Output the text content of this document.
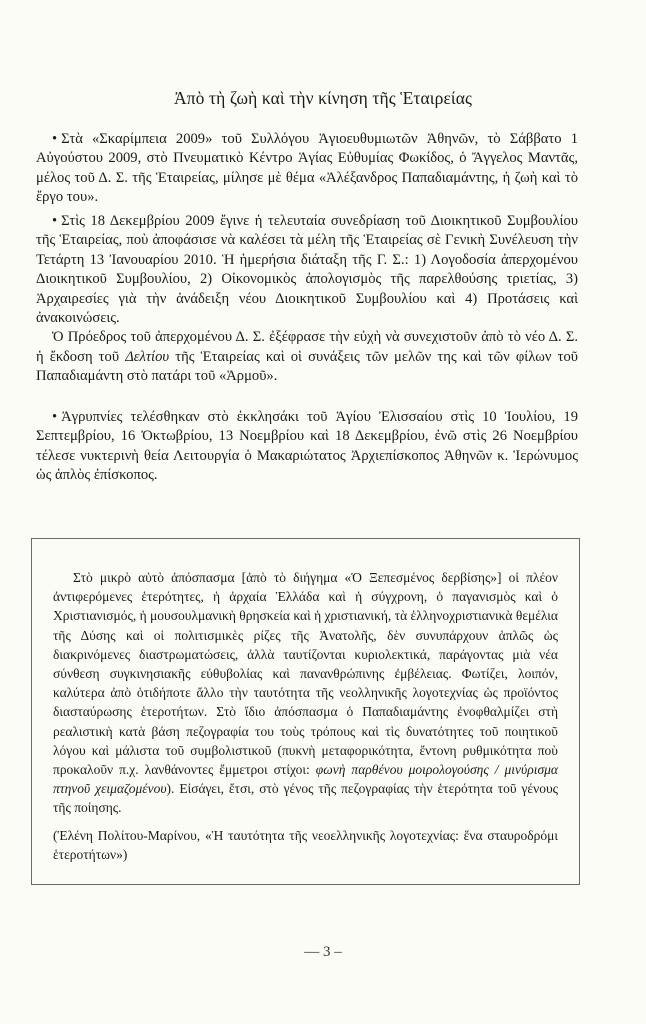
Ἀπὸ τὴ ζωὴ καὶ τὴν κίνηση τῆς Ἑταιρείας

• Στὰ «Σκαρίμπεια 2009» τοῦ Συλλόγου Ἁγιοευθυμιωτῶν Ἀθηνῶν, τὸ Σάββατο 1 Αὐγούστου 2009, στὸ Πνευματικὸ Κέντρο Ἁγίας Εὐθυμίας Φωκίδος, ὁ Ἄγγελος Μαντᾶς, μέλος τοῦ Δ. Σ. τῆς Ἑταιρείας, μίλησε μὲ θέμα «Ἀλέξανδρος Παπαδιαμάντης, ἡ ζωὴ καὶ τὸ ἔργο του».

• Στὶς 18 Δεκεμβρίου 2009 ἔγινε ἡ τελευταία συνεδρίαση τοῦ Διοικητικοῦ Συμβουλίου τῆς Ἑταιρείας, ποὺ ἀποφάσισε νὰ καλέσει τὰ μέλη τῆς Ἑταιρείας σὲ Γενικὴ Συνέλευση τὴν Τετάρτη 13 Ἰανουαρίου 2010. Ἡ ἡμερήσια διάταξη τῆς Γ. Σ.: 1) Λογοδοσία ἀπερχομένου Διοικητικοῦ Συμβουλίου, 2) Οἰκονομικὸς ἀπολογισμὸς τῆς παρελθούσης τριετίας, 3) Ἀρχαιρεσίες γιὰ τὴν ἀνάδειξη νέου Διοικητικοῦ Συμβουλίου καὶ 4) Προτάσεις καὶ ἀνακοινώσεις.

Ὁ Πρόεδρος τοῦ ἀπερχομένου Δ. Σ. ἐξέφρασε τὴν εὐχὴ νὰ συνεχιστοῦν ἀπὸ τὸ νέο Δ. Σ. ἡ ἔκδοση τοῦ Δελτίου τῆς Ἑταιρείας καὶ οἱ συνάξεις τῶν μελῶν της καὶ τῶν φίλων τοῦ Παπαδιαμάντη στὸ πατάρι τοῦ «Ἁρμοῦ».

• Ἀγρυπνίες τελέσθηκαν στὸ ἐκκλησάκι τοῦ Ἁγίου Ἐλισσαίου στὶς 10 Ἰουλίου, 19 Σεπτεμβρίου, 16 Ὀκτωβρίου, 13 Νοεμβρίου καὶ 18 Δεκεμβρίου, ἐνῶ στὶς 26 Νοεμβρίου τέλεσε νυκτερινὴ θεία Λειτουργία ὁ Μακαριώτατος Ἀρχιεπίσκοπος Ἀθηνῶν κ. Ἱερώνυμος ὡς ἁπλὸς ἐπίσκοπος.

Στὸ μικρὸ αὐτὸ ἀπόσπασμα [ἀπὸ τὸ διήγημα «Ὁ Ξεπεσμένος δερβίσης»] οἱ πλέον ἀντιφερόμενες ἑτερότητες, ἡ ἀρχαία Ἑλλάδα καὶ ἡ σύγχρονη, ὁ παγανισμὸς καὶ ὁ Χριστιανισμός, ἡ μουσουλμανικὴ θρησκεία καὶ ἡ χριστιανική, τὰ ἑλληνοχριστιανικὰ θεμέλια τῆς Δύσης καὶ οἱ πολιτισμικὲς ρίζες τῆς Ἀνατολῆς, δὲν συνυπάρχουν ἁπλῶς ὡς διακρινόμενες διαστρωματώσεις, ἀλλὰ ταυτίζονται κυριολεκτικά, παράγοντας μιὰ νέα σύνθεση συγκινησιακῆς εὐθυβολίας καὶ πανανθρώπινης ἐμβέλειας. Φωτίζει, λοιπόν, καλύτερα ἀπὸ ὁτιδήποτε ἄλλο τὴν ταυτότητα τῆς νεολληνικῆς λογοτεχνίας ὡς προϊόντος διασταύρωσης ἑτεροτήτων. Στὸ ἴδιο ἀπόσπασμα ὁ Παπαδιαμάντης ἐνοφθαλμίζει στὴ ρεαλιστικὴ κατὰ βάση πεζογραφία του τοὺς τρόπους καὶ τὶς δυνατότητες τοῦ ποιητικοῦ λόγου καὶ μάλιστα τοῦ συμβολιστικοῦ (πυκνὴ μεταφορικότητα, ἔντονη ρυθμικότητα ποὺ προκαλοῦν π.χ. λανθάνοντες ἔμμετροι στίχοι: φωνὴ παρθένου μοιρολογούσης / μινύρισμα πτηνοῦ χειμαζομένου). Εἰσάγει, ἔτσι, στὸ γένος τῆς πεζογραφίας τὴν ἑτερότητα τοῦ γένους τῆς ποίησης.

(Ἑλένη Πολίτου-Μαρίνου, «Ἡ ταυτότητα τῆς νεοελληνικῆς λογοτεχνίας: ἕνα σταυροδρόμι ἑτεροτήτων»)

— 3 –
